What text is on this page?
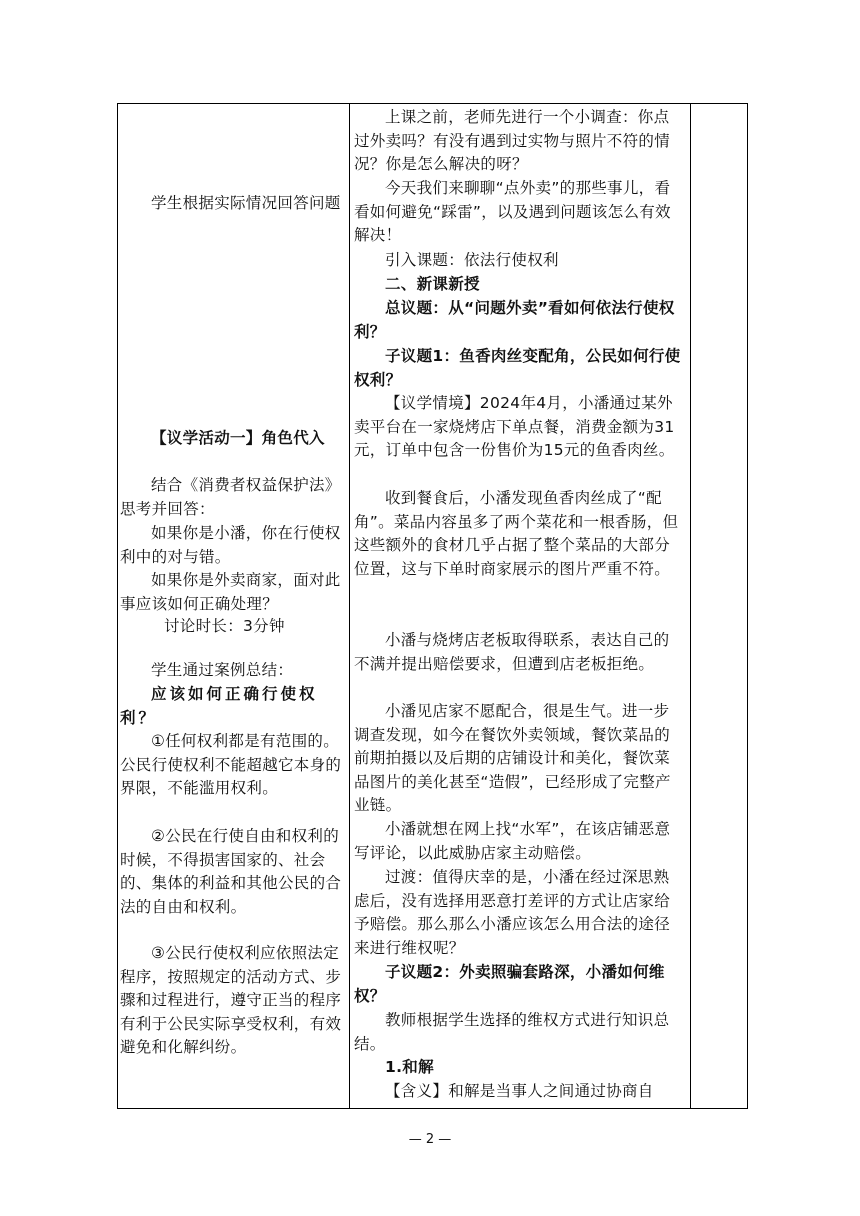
学生根据实际情况回答问题

【议学活动一】角色代入

结合《消费者权益保护法》思考并回答：

如果你是小潘，你在行使权利中的对与错。

如果你是外卖商家，面对此事应该如何正确处理？

讨论时长：3分钟

学生通过案例总结：

应该如何正确行使权利？

①任何权利都是有范围的。公民行使权利不能超越它本身的界限，不能滥用权利。

②公民在行使自由和权利的时候，不得损害国家的、社会的、集体的利益和其他公民的合法的自由和权利。

③公民行使权利应依照法定程序，按照规定的活动方式、步骤和过程进行，遵守正当的程序有利于公民实际享受权利，有效避免和化解纠纷。

上课之前，老师先进行一个小调查：你点过外卖吗？有没有遇到过实物与照片不符的情况？你是怎么解决的呀？

今天我们来聊聊“点外卖”的那些事儿，看看如何避免“踩雷”，以及遇到问题该怎么有效解决！

引入课题：依法行使权利

二、新课新授

总议题：从“问题外卖”看如何依法行使权利？

子议题1：鱼香肉丝变配角，公民如何行使权利？

【议学情境】2024年4月，小潘通过某外卖平台在一家烧烤店下单点餐，消费金额为31元，订单中包含一份售价为15元的鱼香肉丝。

收到餐食后，小潘发现鱼香肉丝成了“配角”。菜品内容虽多了两个菜花和一根香肠，但这些额外的食材几乎占据了整个菜品的大部分位置，这与下单时商家展示的图片严重不符。

小潘与烧烤店老板取得联系，表达自己的不满并提出赔偿要求，但遭到店老板拒绝。

小潘见店家不愿配合，很是生气。进一步调查发现，如今在餐饮外卖领域，餐饮菜品的前期拍摄以及后期的店铺设计和美化，餐饮菜品图片的美化甚至“造假”，已经形成了完整产业链。

小潘就想在网上找“水军”，在该店铺恶意写评论，以此威胁店家主动赔偿。

过渡：值得庆幸的是，小潘在经过深思熟虑后，没有选择用恶意打差评的方式让店家给予赔偿。那么那么小潘应该怎么用合法的途径来进行维权呢？

子议题2：外卖照骗套路深，小潘如何维权？

教师根据学生选择的维权方式进行知识总结。

1.和解

【含义】和解是当事人之间通过协商自

— 2 —
